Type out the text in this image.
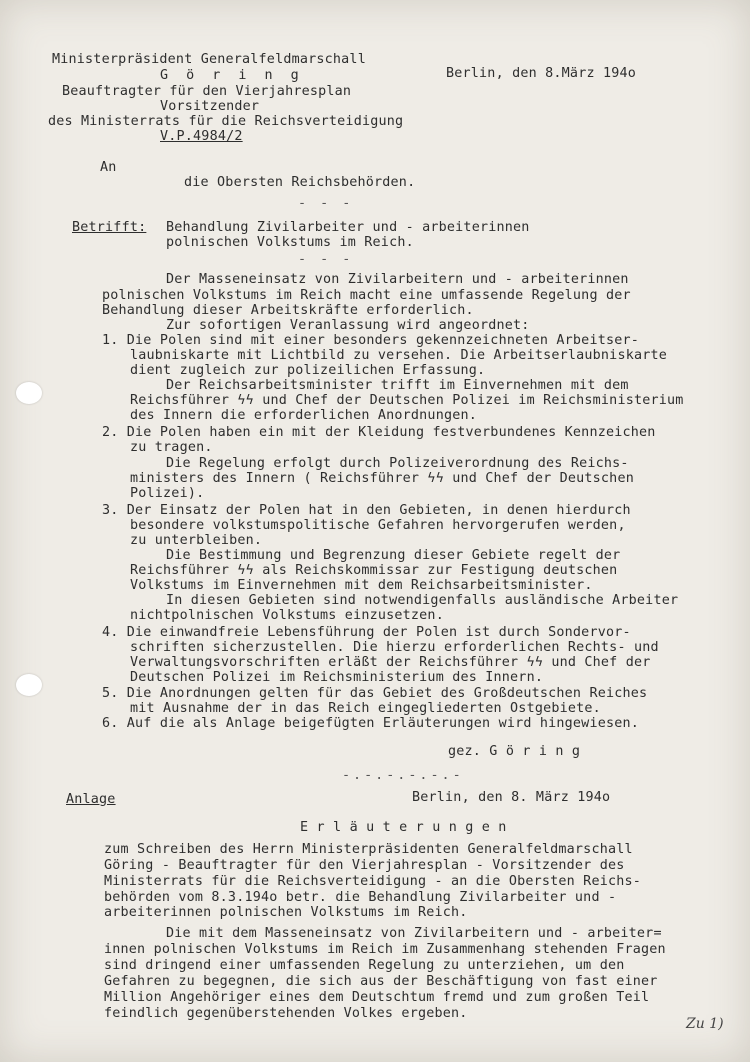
Ministerpräsident Generalfeldmarschall
G ö r i n g	Berlin, den 8.März 194o
Beauftragter für den Vierjahresplan
Vorsitzender
des Ministerrats für die Reichsverteidigung
V.P.4984/2
An
die Obersten Reichsbehörden.
- - -
Betrifft: Behandlung Zivilarbeiter und - arbeiterinnen
polnischen Volkstums im Reich.
- - -
Der Masseneinsatz von Zivilarbeitern und - arbeiterinnen
polnischen Volkstums im Reich macht eine umfassende Regelung der
Behandlung dieser Arbeitskräfte erforderlich.
Zur sofortigen Veranlassung wird angeordnet:
1. Die Polen sind mit einer besonders gekennzeichneten Arbeitser-
laubniskarte mit Lichtbild zu versehen. Die Arbeitserlaubniskarte
dient zugleich zur polizeilichen Erfassung.
Der Reichsarbeitsminister trifft im Einvernehmen mit dem
Reichsführer ϟϟ und Chef der Deutschen Polizei im Reichsministerium
des Innern die erforderlichen Anordnungen.
2. Die Polen haben ein mit der Kleidung festverbundenes Kennzeichen
zu tragen.
Die Regelung erfolgt durch Polizeiverordnung des Reichs-
ministers des Innern ( Reichsführer ϟϟ und Chef der Deutschen
Polizei).
3. Der Einsatz der Polen hat in den Gebieten, in denen hierdurch
besondere volkstumspolitische Gefahren hervorgerufen werden,
zu unterbleiben.
Die Bestimmung und Begrenzung dieser Gebiete regelt der
Reichsführer ϟϟ als Reichskommissar zur Festigung deutschen
Volkstums im Einvernehmen mit dem Reichsarbeitsminister.
In diesen Gebieten sind notwendigenfalls ausländische Arbeiter
nichtpolnischen Volkstums einzusetzen.
4. Die einwandfreie Lebensführung der Polen ist durch Sondervor-
schriften sicherzustellen. Die hierzu erforderlichen Rechts- und
Verwaltungsvorschriften erläßt der Reichsführer ϟϟ und Chef der
Deutschen Polizei im Reichsministerium des Innern.
5. Die Anordnungen gelten für das Gebiet des Großdeutschen Reiches
mit Ausnahme der in das Reich eingegliederten Ostgebiete.
6. Auf die als Anlage beigefügten Erläuterungen wird hingewiesen.
gez. G ö r i n g
-.-.-.-.-.-
Anlage	Berlin, den 8. März 194o
E r l ä u t e r u n g e n
zum Schreiben des Herrn Ministerpräsidenten Generalfeldmarschall
Göring - Beauftragter für den Vierjahresplan - Vorsitzender des
Ministerrats für die Reichsverteidigung - an die Obersten Reichs-
behörden vom 8.3.194o betr. die Behandlung Zivilarbeiter und -
arbeiterinnen polnischen Volkstums im Reich.
Die mit dem Masseneinsatz von Zivilarbeitern und - arbeiter=
innen polnischen Volkstums im Reich im Zusammenhang stehenden Fragen
sind dringend einer umfassenden Regelung zu unterziehen, um den
Gefahren zu begegnen, die sich aus der Beschäftigung von fast einer
Million Angehöriger eines dem Deutschtum fremd und zum großen Teil
feindlich gegenüberstehenden Volkes ergeben.
Zu 1)
